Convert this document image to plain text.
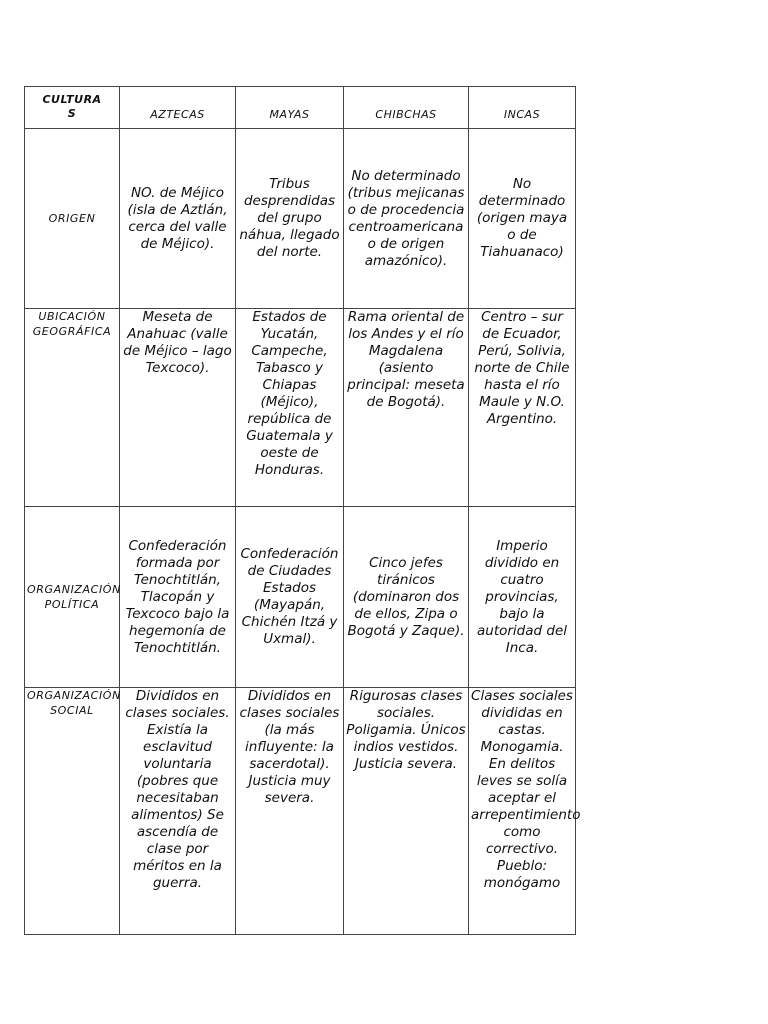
CULTURA
S	AZTECAS	MAYAS	CHIBCHAS	INCAS
ORIGEN	NO. de Méjico (isla de Aztlán, cerca del valle de Méjico).	Tribus desprendidas del grupo náhua, llegado del norte.	No determinado (tribus mejicanas o de procedencia centroamericana o de origen amazónico).	No determinado (origen maya o de Tiahuanaco)
UBICACIÓN GEOGRÁFICA	Meseta de Anahuac (valle de Méjico – lago Texcoco).	Estados de Yucatán, Campeche, Tabasco y Chiapas (Méjico), república de Guatemala y oeste de Honduras.	Rama oriental de los Andes y el río Magdalena (asiento principal: meseta de Bogotá).	Centro – sur de Ecuador, Perú, Solivia, norte de Chile hasta el río Maule y N.O. Argentino.
ORGANIZACIÓN POLÍTICA	Confederación formada por Tenochtitlán, Tlacopán y Texcoco bajo la hegemonía de Tenochtitlán.	Confederación de Ciudades Estados (Mayapán, Chichén Itzá y Uxmal).	Cinco jefes tiránicos (dominaron dos de ellos, Zipa o Bogotá y Zaque).	Imperio dividido en cuatro provincias, bajo la autoridad del Inca.
ORGANIZACIÓN SOCIAL	Divididos en clases sociales. Existía la esclavitud voluntaria (pobres que necesitaban alimentos) Se ascendía de clase por méritos en la guerra.	Divididos en clases sociales (la más influyente: la sacerdotal). Justicia muy severa.	Rigurosas clases sociales. Poligamia. Únicos indios vestidos. Justicia severa.	Clases sociales divididas en castas. Monogamia. En delitos leves se solía aceptar el arrepentimiento como correctivo. Pueblo: monógamo
